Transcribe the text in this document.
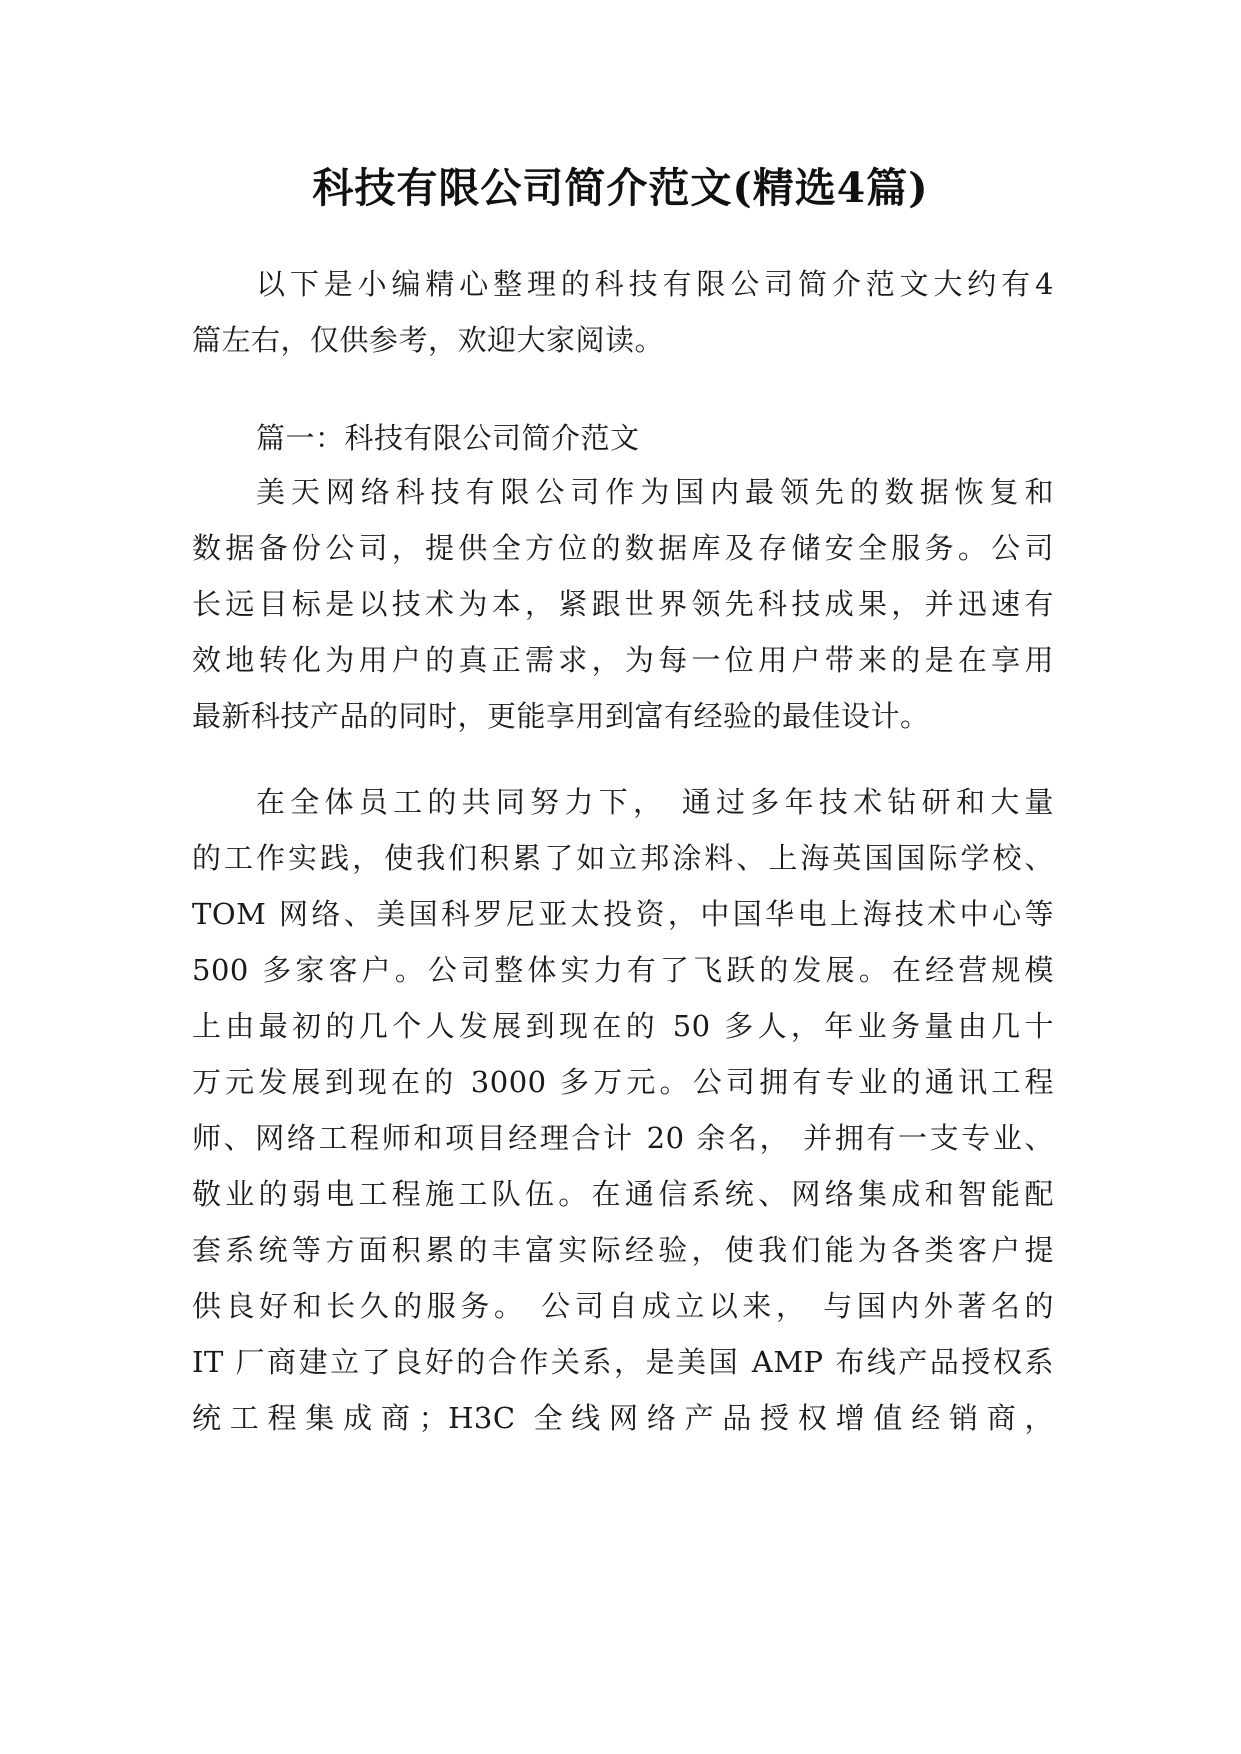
科技有限公司简介范文(精选4篇)
以下是小编精心整理的科技有限公司简介范文大约有4
篇左右，仅供参考，欢迎大家阅读。
篇一：科技有限公司简介范文
美天网络科技有限公司作为国内最领先的数据恢复和
数据备份公司，提供全方位的数据库及存储安全服务。公司
长远目标是以技术为本，紧跟世界领先科技成果，并迅速有
效地转化为用户的真正需求，为每一位用户带来的是在享用
最新科技产品的同时，更能享用到富有经验的最佳设计。
在全体员工的共同努力下， 通过多年技术钻研和大量
的工作实践，使我们积累了如立邦涂料、上海英国国际学校、
TOM 网络、美国科罗尼亚太投资，中国华电上海技术中心等
500 多家客户。公司整体实力有了飞跃的发展。在经营规模
上由最初的几个人发展到现在的 50 多人，年业务量由几十
万元发展到现在的 3000 多万元。公司拥有专业的通讯工程
师、网络工程师和项目经理合计 20 余名， 并拥有一支专业、
敬业的弱电工程施工队伍。在通信系统、网络集成和智能配
套系统等方面积累的丰富实际经验，使我们能为各类客户提
供良好和长久的服务。 公司自成立以来， 与国内外著名的
IT 厂商建立了良好的合作关系，是美国 AMP 布线产品授权系
统工程集成商；H3C 全线网络产品授权增值经销商，
